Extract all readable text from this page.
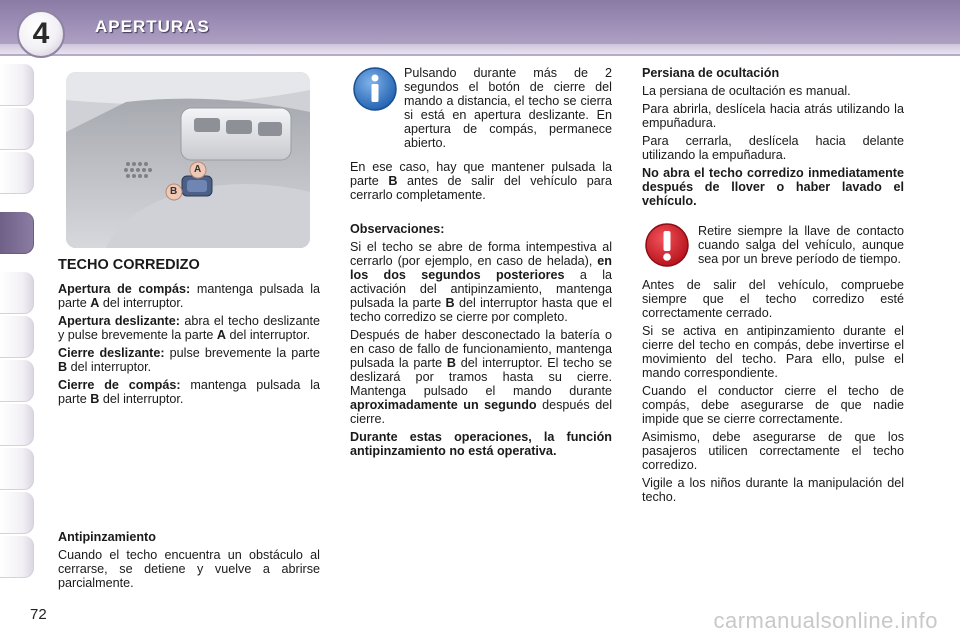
4	APERTURAS
A
B

TECHO CORREDIZO

Apertura de compás: mantenga pulsada la parte A del interruptor.

Apertura deslizante: abra el techo deslizante y pulse brevemente la parte A del interruptor.

Cierre deslizante: pulse brevemente la parte B del interruptor.

Cierre de compás: mantenga pulsada la parte B del interruptor.

Antipinzamiento

Cuando el techo encuentra un obstáculo al cerrarse, se detiene y vuelve a abrirse parcialmente.

Pulsando durante más de 2 segundos el botón de cierre del mando a distancia, el techo se cierra si está en apertura deslizante. En apertura de compás, permanece abierto.

En ese caso, hay que mantener pulsada la parte B antes de salir del vehículo para cerrarlo completamente.

Observaciones:

Si el techo se abre de forma intempestiva al cerrarlo (por ejemplo, en caso de helada), en los dos segundos posteriores a la activación del antipinzamiento, mantenga pulsada la parte B del interruptor hasta que el techo corredizo se cierre por completo.

Después de haber desconectado la batería o en caso de fallo de funcionamiento, mantenga pulsada la parte B del interruptor. El techo se deslizará por tramos hasta su cierre. Mantenga pulsado el mando durante aproximadamente un segundo después del cierre.

Durante estas operaciones, la función antipinzamiento no está operativa.

Persiana de ocultación

La persiana de ocultación es manual.

Para abrirla, deslícela hacia atrás utilizando la empuñadura.

Para cerrarla, deslícela hacia delante utilizando la empuñadura.

No abra el techo corredizo inmediatamente después de llover o haber lavado el vehículo.

Retire siempre la llave de contacto cuando salga del vehículo, aunque sea por un breve período de tiempo.

Antes de salir del vehículo, compruebe siempre que el techo corredizo esté correctamente cerrado.

Si se activa en antipinzamiento durante el cierre del techo en compás, debe invertirse el movimiento del techo. Para ello, pulse el mando correspondiente.

Cuando el conductor cierre el techo de compás, debe asegurarse de que nadie impide que se cierre correctamente.

Asimismo, debe asegurarse de que los pasajeros utilicen correctamente el techo corredizo.

Vigile a los niños durante la manipulación del techo.

72	carmanualsonline.info
